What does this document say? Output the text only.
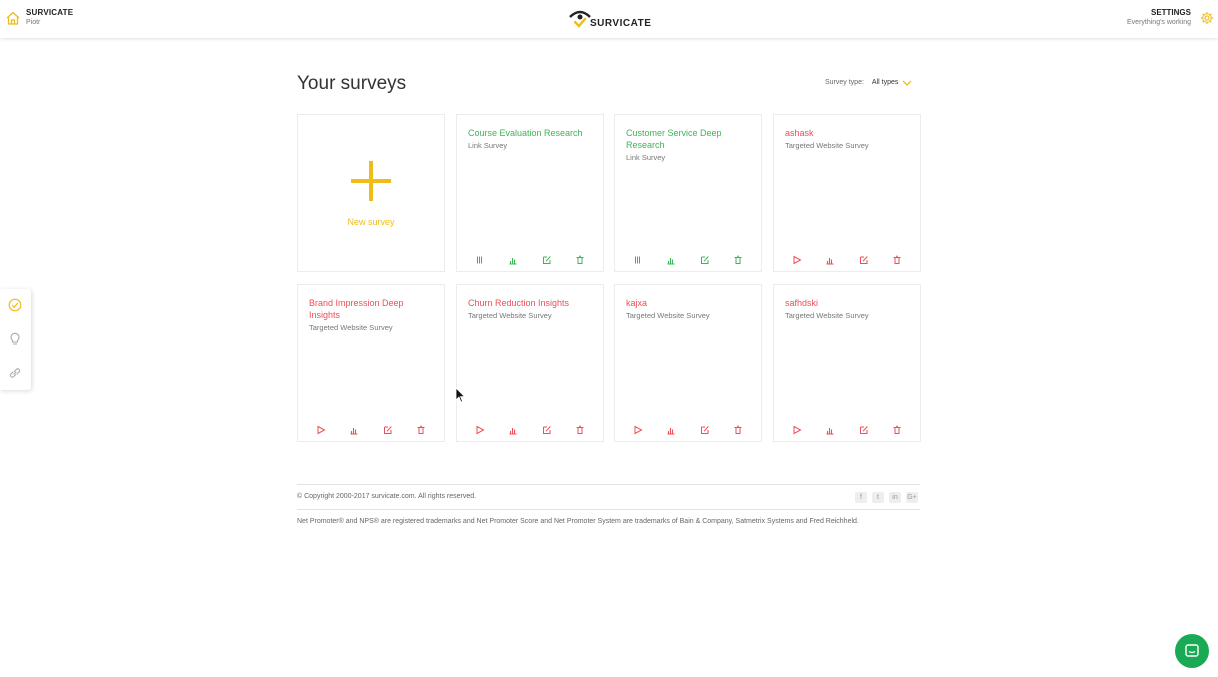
SURVICATE
Piotr	SURVICATE
SETTINGS
Everything's working
Your surveys	Survey type: All types
New survey
Course Evaluation Research
Link Survey
Customer Service Deep Research
Link Survey
ashask
Targeted Website Survey
Brand Impression Deep Insights
Targeted Website Survey
Churn Reduction Insights
Targeted Website Survey
kajxa
Targeted Website Survey
safhdski
Targeted Website Survey
© Copyright 2000-2017 survicate.com. All rights reserved.	f	t	in	G+
Net Promoter® and NPS® are registered trademarks and Net Promoter Score and Net Promoter System are trademarks of Bain & Company, Satmetrix Systems and Fred Reichheld.
